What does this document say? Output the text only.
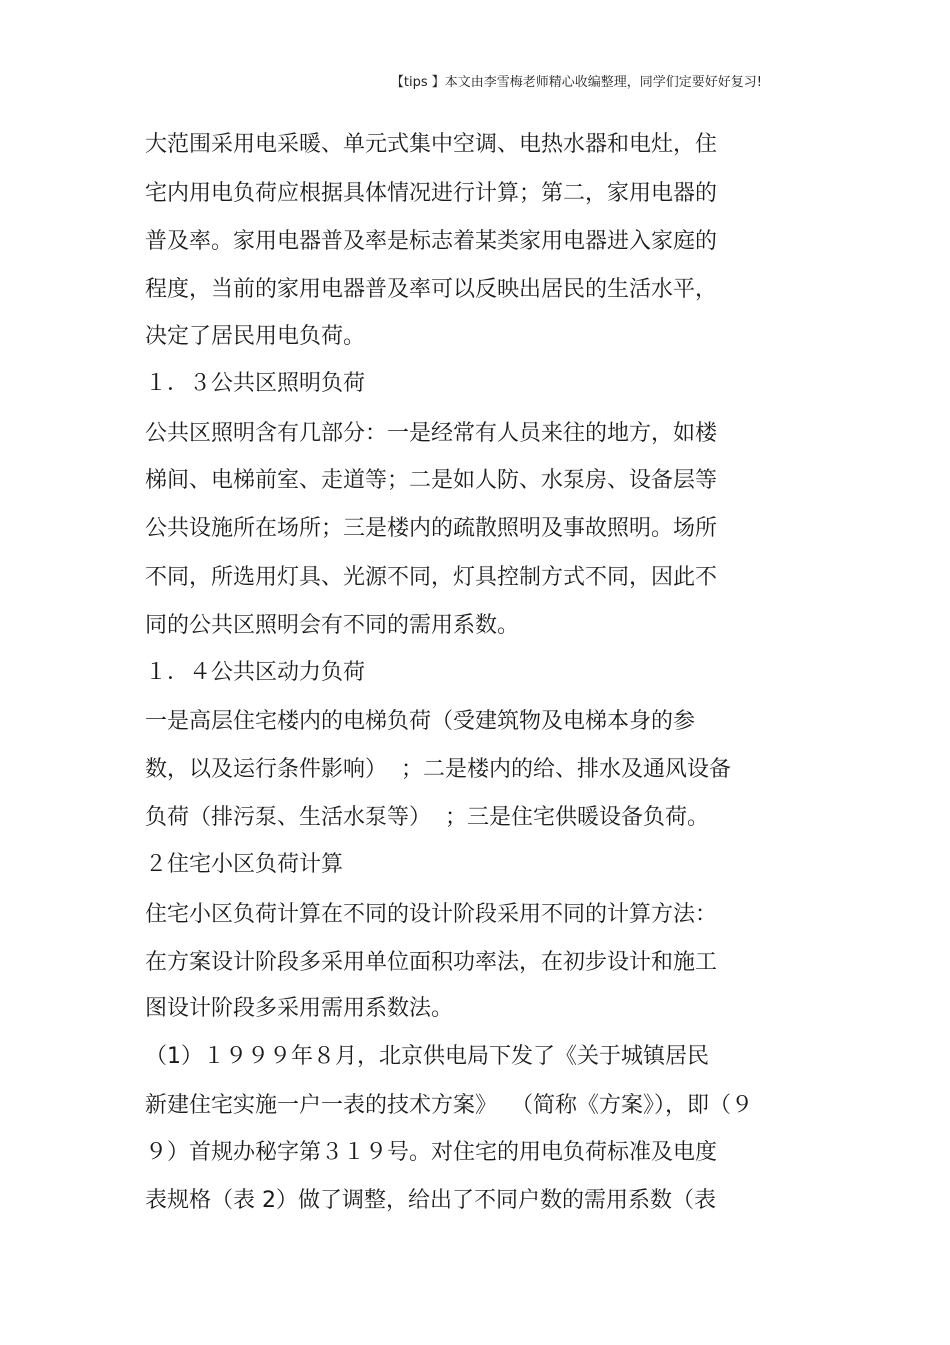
【tips 】本文由李雪梅老师精心收编整理，同学们定要好好复习!
大范围采用电采暖、单元式集中空调、电热水器和电灶，住
宅内用电负荷应根据具体情况进行计算；第二，家用电器的
普及率。家用电器普及率是标志着某类家用电器进入家庭的
程度，当前的家用电器普及率可以反映出居民的生活水平，
决定了居民用电负荷。
１．３公共区照明负荷
公共区照明含有几部分：一是经常有人员来往的地方，如楼
梯间、电梯前室、走道等；二是如人防、水泵房、设备层等
公共设施所在场所；三是楼内的疏散照明及事故照明。场所
不同，所选用灯具、光源不同，灯具控制方式不同，因此不
同的公共区照明会有不同的需用系数。
１．４公共区动力负荷
一是高层住宅楼内的电梯负荷（受建筑物及电梯本身的参
数，以及运行条件影响）  ；二是楼内的给、排水及通风设备
负荷（排污泵、生活水泵等）  ；三是住宅供暖设备负荷。
２住宅小区负荷计算
住宅小区负荷计算在不同的设计阶段采用不同的计算方法：
在方案设计阶段多采用单位面积功率法，在初步设计和施工
图设计阶段多采用需用系数法。
（1）１９９９年８月，北京供电局下发了《关于城镇居民
新建住宅实施一户一表的技术方案》  （简称《方案》），即（９
９）首规办秘字第３１９号。对住宅的用电负荷标准及电度
表规格（表 2）做了调整，给出了不同户数的需用系数（表
